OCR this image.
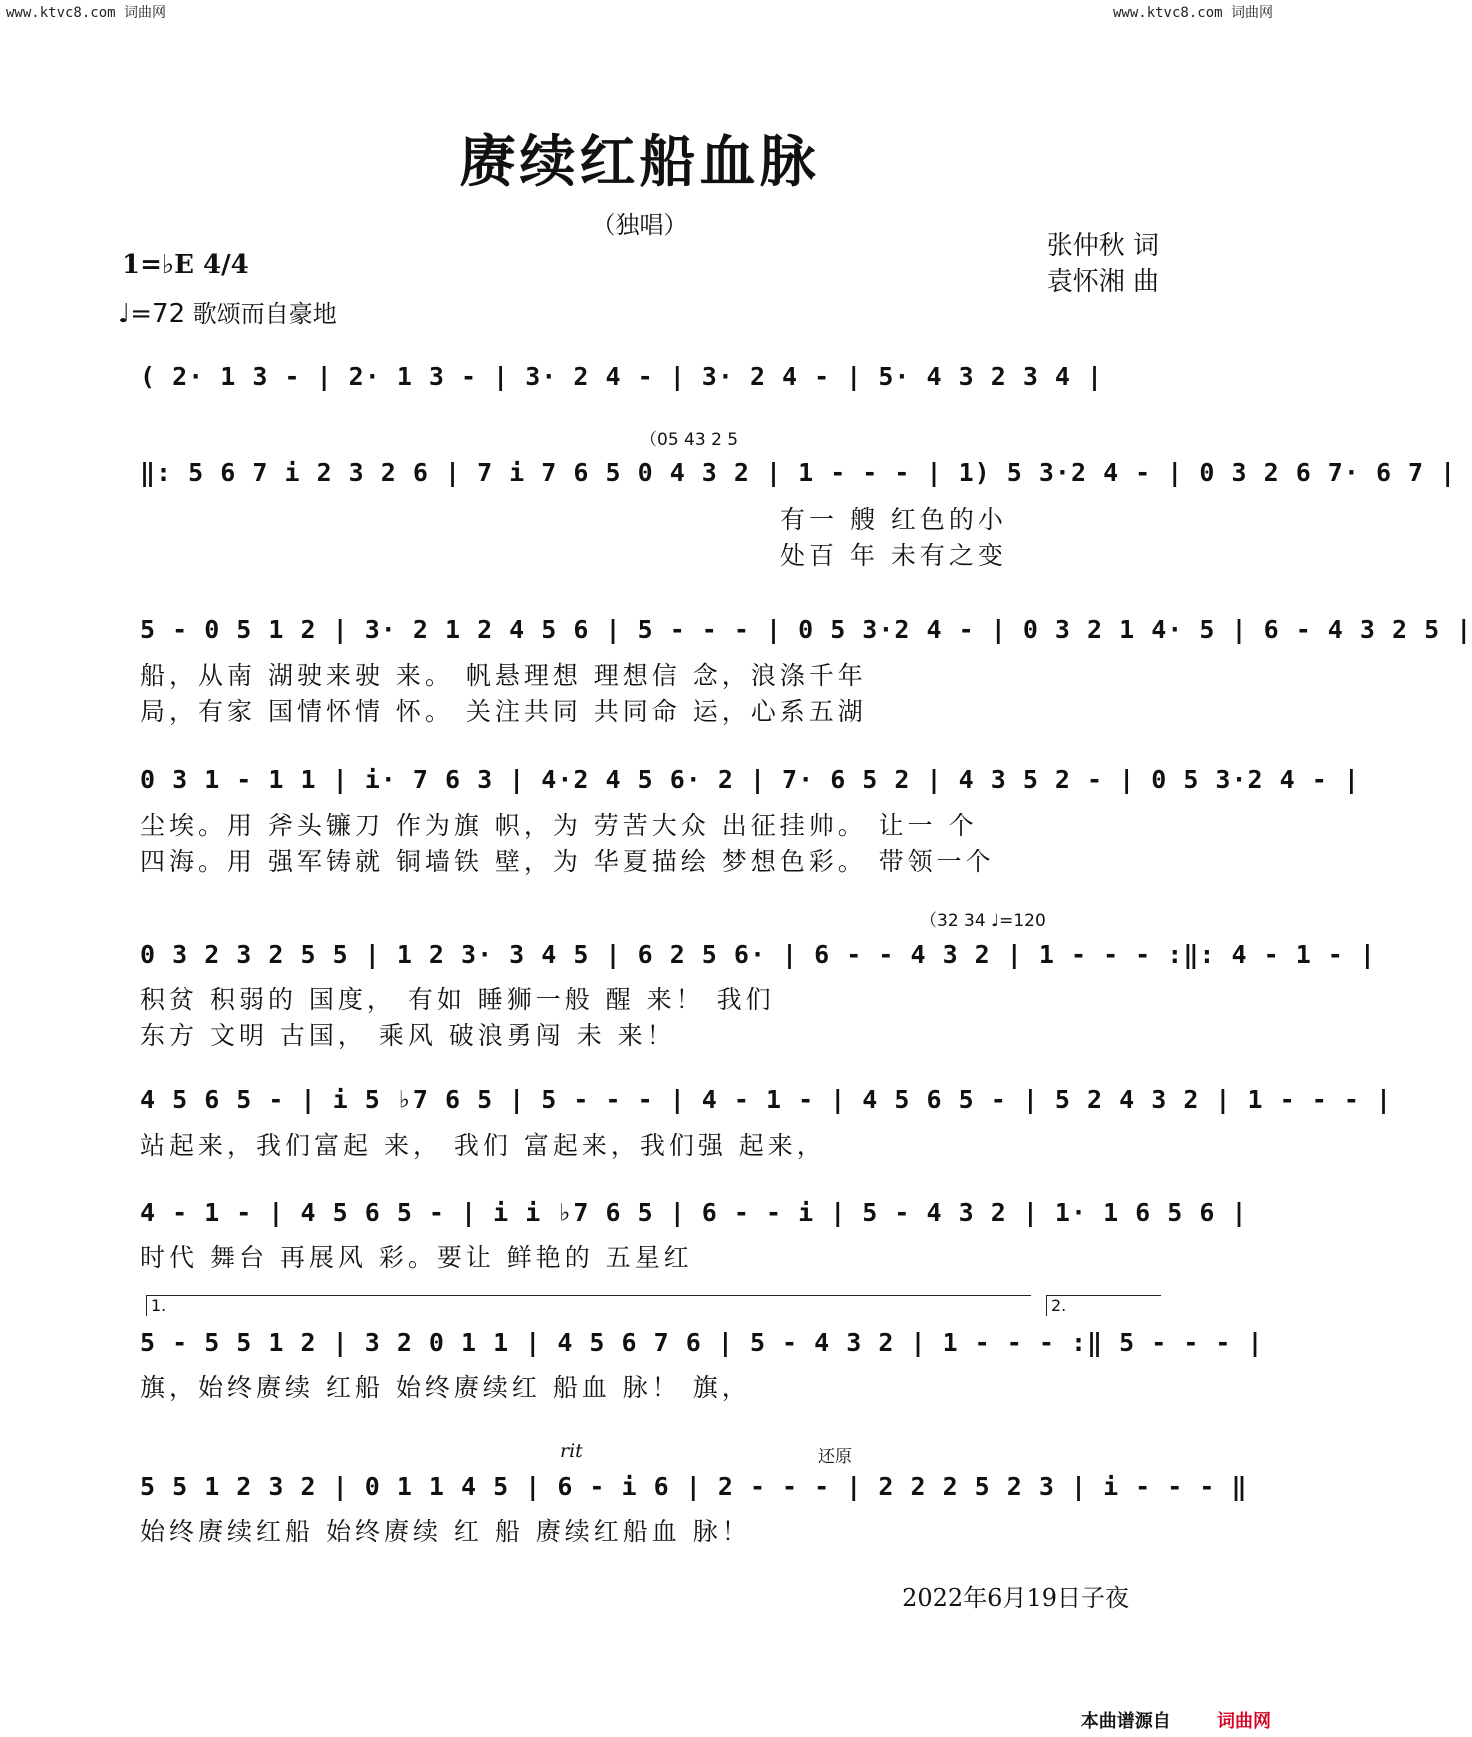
www.ktvc8.com 词曲网	www.ktvc8.com 词曲网
赓续红船血脉
（独唱）
张仲秋 词
袁怀湘 曲
1=♭E 4/4
♩=72 歌颂而自豪地
( 2· 1 3 - | 2· 1 3 - | 3· 2 4 - | 3· 2 4 - | 5· 4 3 2 3 4 |
（05 43 2 5
‖: 5 6 7 i 2 3 2 6 | 7 i 7 6 5 0 4 3 2 | 1 - - - | 1) 5 3·2 4 - | 0 3 2 6 7· 6 7 |
有一 艘 红色的小
处百 年 未有之变
5 - 0 5 1 2 | 3· 2 1 2 4 5 6 | 5 - - - | 0 5 3·2 4 - | 0 3 2 1 4· 5 | 6 - 4 3 2 5 |
船，从南 湖驶来驶 来。 帆悬理想 理想信 念，浪涤千年
局，有家 国情怀情 怀。 关注共同 共同命 运，心系五湖
0 3 1 - 1 1 | i· 7 6 3 | 4·2 4 5 6· 2 | 7· 6 5 2 | 4 3 5 2 - | 0 5 3·2 4 - |
尘埃。用 斧头镰刀 作为旗 帜，为 劳苦大众 出征挂帅。 让一 个
四海。用 强军铸就 铜墙铁 壁，为 华夏描绘 梦想色彩。 带领一个
（32 34 ♩=120
0 3 2 3 2 5 5 | 1 2 3· 3 4 5 | 6 2 5 6· | 6 - - 4 3 2 | 1 - - - :‖: 4 - 1 - |
积贫 积弱的 国度， 有如 睡狮一般 醒 来！ 我们
东方 文明 古国， 乘风 破浪勇闯 未 来！
4 5 6 5 - | i 5 ♭7 6 5 | 5 - - - | 4 - 1 - | 4 5 6 5 - | 5 2 4 3 2 | 1 - - - |
站起来，我们富起 来， 我们 富起来，我们强 起来，
4 - 1 - | 4 5 6 5 - | i i ♭7 6 5 | 6 - - i | 5 - 4 3 2 | 1· 1 6 5 6 |
时代 舞台 再展风 彩。要让 鲜艳的 五星红
1.	2.
5 - 5 5 1 2 | 3 2 0 1 1 | 4 5 6 7 6 | 5 - 4 3 2 | 1 - - - :‖ 5 - - - |
旗，始终赓续 红船 始终赓续红 船血 脉！ 旗，
rit	还原
5 5 1 2 3 2 | 0 1 1 4 5 | 6 - i 6 | 2 - - - | 2 2 2 5 2 3 | i - - - ‖
始终赓续红船 始终赓续 红 船 赓续红船血 脉！
2022年6月19日子夜
本曲谱源自	词曲网
